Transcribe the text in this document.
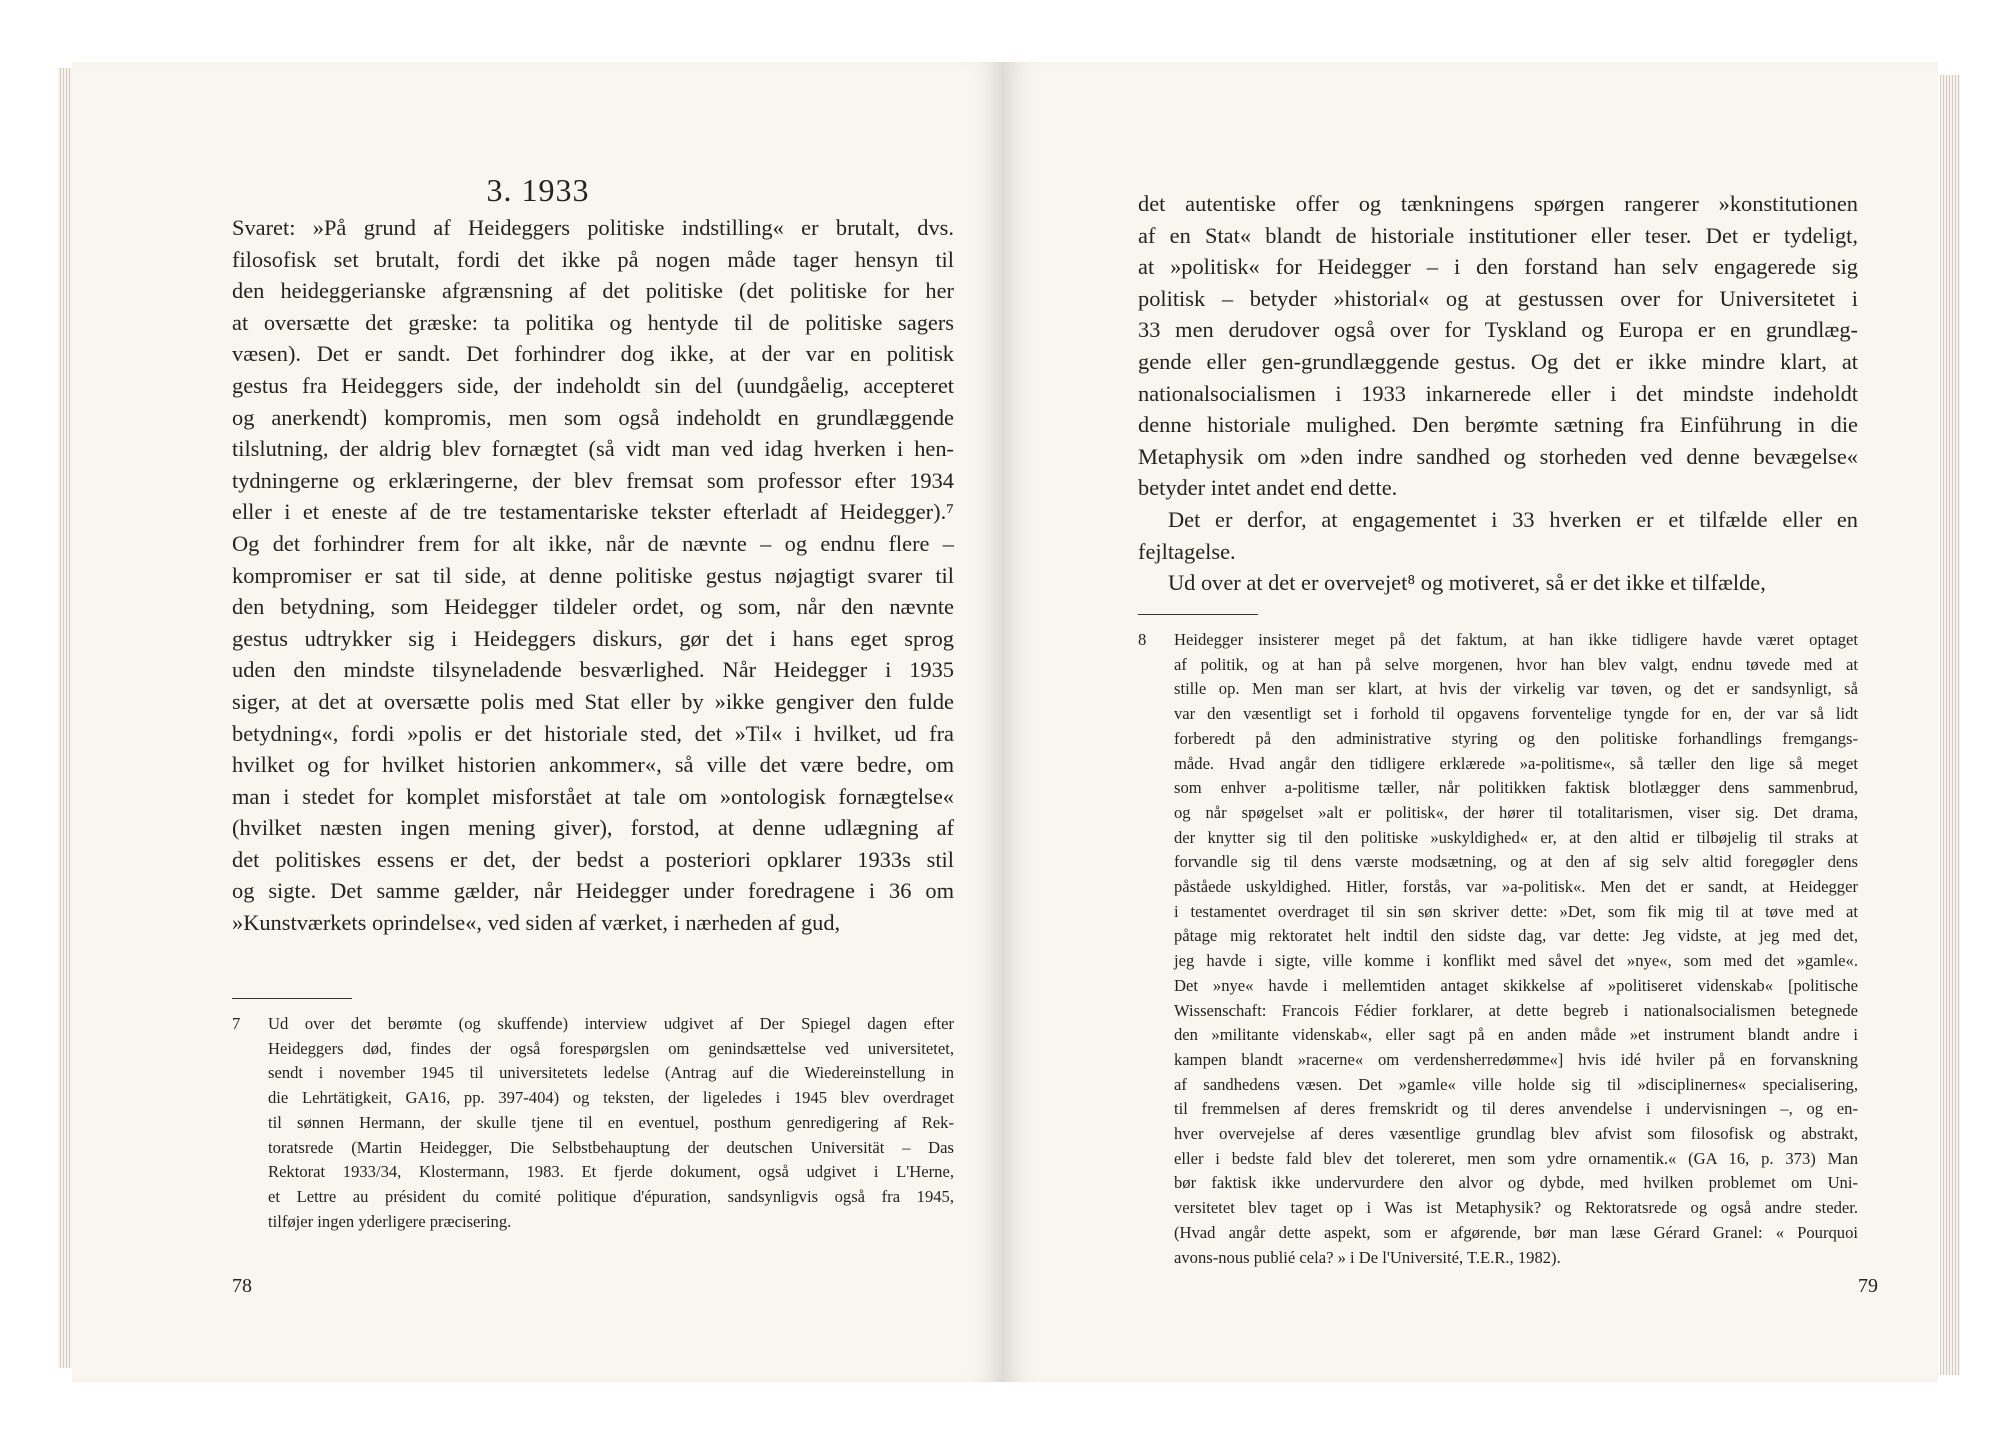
3. 1933
Svaret: »På grund af Heideggers politiske indstilling« er brutalt, dvs.
filosofisk set brutalt, fordi det ikke på nogen måde tager hensyn til
den heideggerianske afgrænsning af det politiske (det politiske for her
at oversætte det græske: ta politika og hentyde til de politiske sagers
væsen). Det er sandt. Det forhindrer dog ikke, at der var en politisk
gestus fra Heideggers side, der indeholdt sin del (uundgåelig, accepteret
og anerkendt) kompromis, men som også indeholdt en grundlæggende
tilslutning, der aldrig blev fornægtet (så vidt man ved idag hverken i hen-
tydningerne og erklæringerne, der blev fremsat som professor efter 1934
eller i et eneste af de tre testamentariske tekster efterladt af Heidegger).⁷
Og det forhindrer frem for alt ikke, når de nævnte – og endnu flere –
kompromiser er sat til side, at denne politiske gestus nøjagtigt svarer til
den betydning, som Heidegger tildeler ordet, og som, når den nævnte
gestus udtrykker sig i Heideggers diskurs, gør det i hans eget sprog
uden den mindste tilsyneladende besværlighed. Når Heidegger i 1935
siger, at det at oversætte polis med Stat eller by »ikke gengiver den fulde
betydning«, fordi »polis er det historiale sted, det »Til« i hvilket, ud fra
hvilket og for hvilket historien ankommer«, så ville det være bedre, om
man i stedet for komplet misforstået at tale om »ontologisk fornægtelse«
(hvilket næsten ingen mening giver), forstod, at denne udlægning af
det politiskes essens er det, der bedst a posteriori opklarer 1933s stil
og sigte. Det samme gælder, når Heidegger under foredragene i 36 om
»Kunstværkets oprindelse«, ved siden af værket, i nærheden af gud,
7 Ud over det berømte (og skuffende) interview udgivet af Der Spiegel dagen efter
Heideggers død, findes der også forespørgslen om genindsættelse ved universitetet,
sendt i november 1945 til universitetets ledelse (Antrag auf die Wiedereinstellung in
die Lehrtätigkeit, GA16, pp. 397-404) og teksten, der ligeledes i 1945 blev overdraget
til sønnen Hermann, der skulle tjene til en eventuel, posthum genredigering af Rek-
toratsrede (Martin Heidegger, Die Selbstbehauptung der deutschen Universität – Das
Rektorat 1933/34, Klostermann, 1983. Et fjerde dokument, også udgivet i L'Herne,
et Lettre au président du comité politique d'épuration, sandsynligvis også fra 1945,
tilføjer ingen yderligere præcisering.

78

det autentiske offer og tænkningens spørgen rangerer »konstitutionen
af en Stat« blandt de historiale institutioner eller teser. Det er tydeligt,
at »politisk« for Heidegger – i den forstand han selv engagerede sig
politisk – betyder »historial« og at gestussen over for Universitetet i
33 men derudover også over for Tyskland og Europa er en grundlæg-
gende eller gen-grundlæggende gestus. Og det er ikke mindre klart, at
nationalsocialismen i 1933 inkarnerede eller i det mindste indeholdt
denne historiale mulighed. Den berømte sætning fra Einführung in die
Metaphysik om »den indre sandhed og storheden ved denne bevægelse«
betyder intet andet end dette.
Det er derfor, at engagementet i 33 hverken er et tilfælde eller en
fejltagelse.
Ud over at det er overvejet⁸ og motiveret, så er det ikke et tilfælde,
8 Heidegger insisterer meget på det faktum, at han ikke tidligere havde været optaget
af politik, og at han på selve morgenen, hvor han blev valgt, endnu tøvede med at
stille op. Men man ser klart, at hvis der virkelig var tøven, og det er sandsynligt, så
var den væsentligt set i forhold til opgavens forventelige tyngde for en, der var så lidt
forberedt på den administrative styring og den politiske forhandlings fremgangs-
måde. Hvad angår den tidligere erklærede »a-politisme«, så tæller den lige så meget
som enhver a-politisme tæller, når politikken faktisk blotlægger dens sammenbrud,
og når spøgelset »alt er politisk«, der hører til totalitarismen, viser sig. Det drama,
der knytter sig til den politiske »uskyldighed« er, at den altid er tilbøjelig til straks at
forvandle sig til dens værste modsætning, og at den af sig selv altid foregøgler dens
påståede uskyldighed. Hitler, forstås, var »a-politisk«. Men det er sandt, at Heidegger
i testamentet overdraget til sin søn skriver dette: »Det, som fik mig til at tøve med at
påtage mig rektoratet helt indtil den sidste dag, var dette: Jeg vidste, at jeg med det,
jeg havde i sigte, ville komme i konflikt med såvel det »nye«, som med det »gamle«.
Det »nye« havde i mellemtiden antaget skikkelse af »politiseret videnskab« [politische
Wissenschaft: Francois Fédier forklarer, at dette begreb i nationalsocialismen betegnede
den »militante videnskab«, eller sagt på en anden måde »et instrument blandt andre i
kampen blandt »racerne« om verdensherredømme«] hvis idé hviler på en forvanskning
af sandhedens væsen. Det »gamle« ville holde sig til »disciplinernes« specialisering,
til fremmelsen af deres fremskridt og til deres anvendelse i undervisningen –, og en-
hver overvejelse af deres væsentlige grundlag blev afvist som filosofisk og abstrakt,
eller i bedste fald blev det tolereret, men som ydre ornamentik.« (GA 16, p. 373) Man
bør faktisk ikke undervurdere den alvor og dybde, med hvilken problemet om Uni-
versitetet blev taget op i Was ist Metaphysik? og Rektoratsrede og også andre steder.
(Hvad angår dette aspekt, som er afgørende, bør man læse Gérard Granel: « Pourquoi
avons-nous publié cela? » i De l'Université, T.E.R., 1982).

79
